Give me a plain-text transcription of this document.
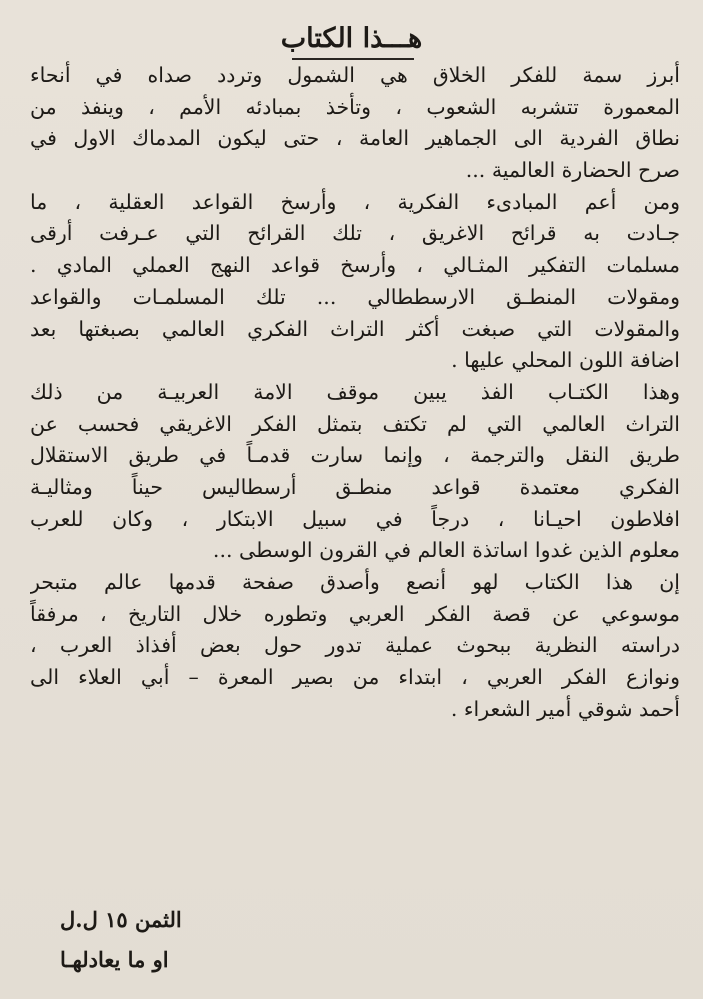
هـــذا الكتاب
أبرز سمة للفكر الخلاق هي الشمول وتردد صداه في أنحاء
المعمورة تتشربه الشعوب ، وتأخذ بمبادئه الأمم ، وينفذ من
نطاق الفردية الى الجماهير العامة ، حتى ليكون المدماك الاول في
صرح الحضارة العالمية ...
ومن أعم المبادىء الفكرية ، وأرسخ القواعد العقلية ، ما
جـادت به قرائح الاغريق ، تلك القرائح التي عـرفت أرقى
مسلمات التفكير المثـالي ، وأرسخ قواعد النهج العملي المادي .
ومقولات المنطـق الارسططالي ... تلك المسلمـات والقواعد
والمقولات التي صبغت أكثر التراث الفكري العالمي بصبغتها بعد
اضافة اللون المحلي عليها .
وهذا الكتـاب الفذ يبين موقف الامة العربيـة من ذلك
التراث العالمي التي لم تكتف بتمثل الفكر الاغريقي فحسب عن
طريق النقل والترجمة ، وإنما سارت قدمـاً في طريق الاستقلال
الفكري معتمدة قواعد منطـق أرسطاليس حيناً ومثاليـة
افلاطون احيـانا ، درجاً في سبيل الابتكار ، وكان للعرب
معلوم الذين غدوا اساتذة العالم في القرون الوسطى ...
إن هذا الكتاب لهو أنصع وأصدق صفحة قدمها عالم متبحر
موسوعي عن قصة الفكر العربي وتطوره خلال التاريخ ، مرفقاً
دراسته النظرية ببحوث عملية تدور حول بعض أفذاذ العرب ،
ونوازع الفكر العربي ، ابتداء من بصير المعرة – أبي العلاء الى
أحمد شوقي أمير الشعراء .
الثمن ١٥ ل.ل
او ما يعادلهـا
